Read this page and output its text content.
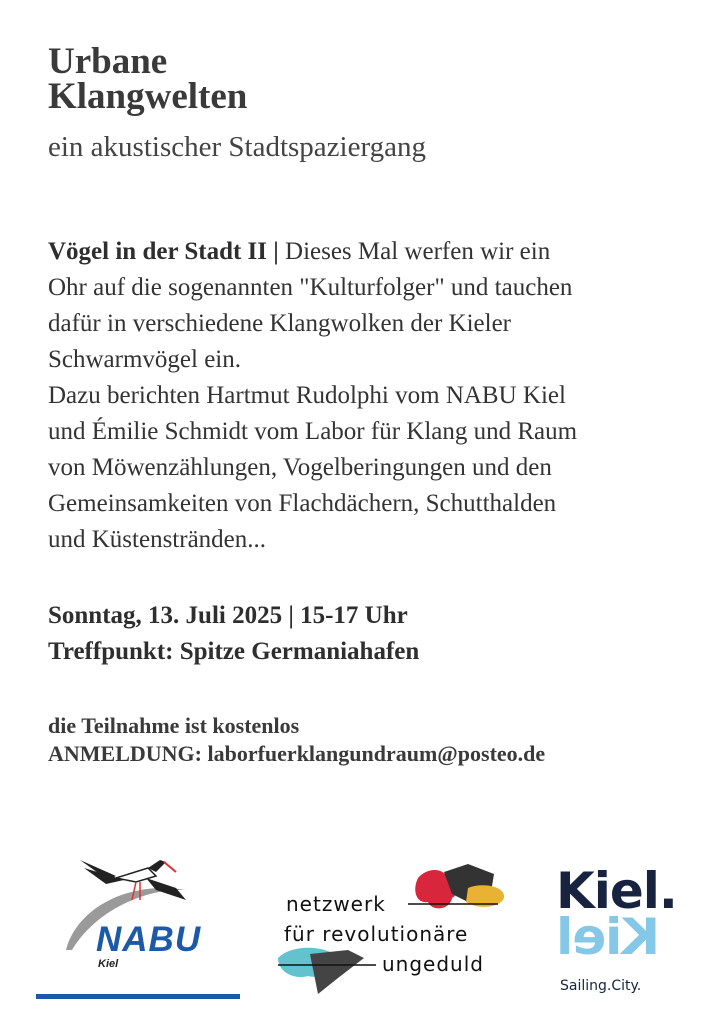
Urbane
Klangwelten

ein akustischer Stadtspaziergang

Vögel in der Stadt II | Dieses Mal werfen wir ein
Ohr auf die sogenannten "Kulturfolger" und tauchen
dafür in verschiedene Klangwolken der Kieler
Schwarmvögel ein.
Dazu berichten Hartmut Rudolphi vom NABU Kiel
und Émilie Schmidt vom Labor für Klang und Raum
von Möwenzählungen, Vogelberingungen und den
Gemeinsamkeiten von Flachdächern, Schutthalden
und Küstenstränden...

Sonntag, 13. Juli 2025 | 15-17 Uhr
Treffpunkt: Spitze Germaniahafen

die Teilnahme ist kostenlos
ANMELDUNG: laborfuerklangundraum@posteo.de

NABU
Kiel
netzwerk
für revolutionäre
ungeduld
Kiel.
Kiel
Sailing.City.
